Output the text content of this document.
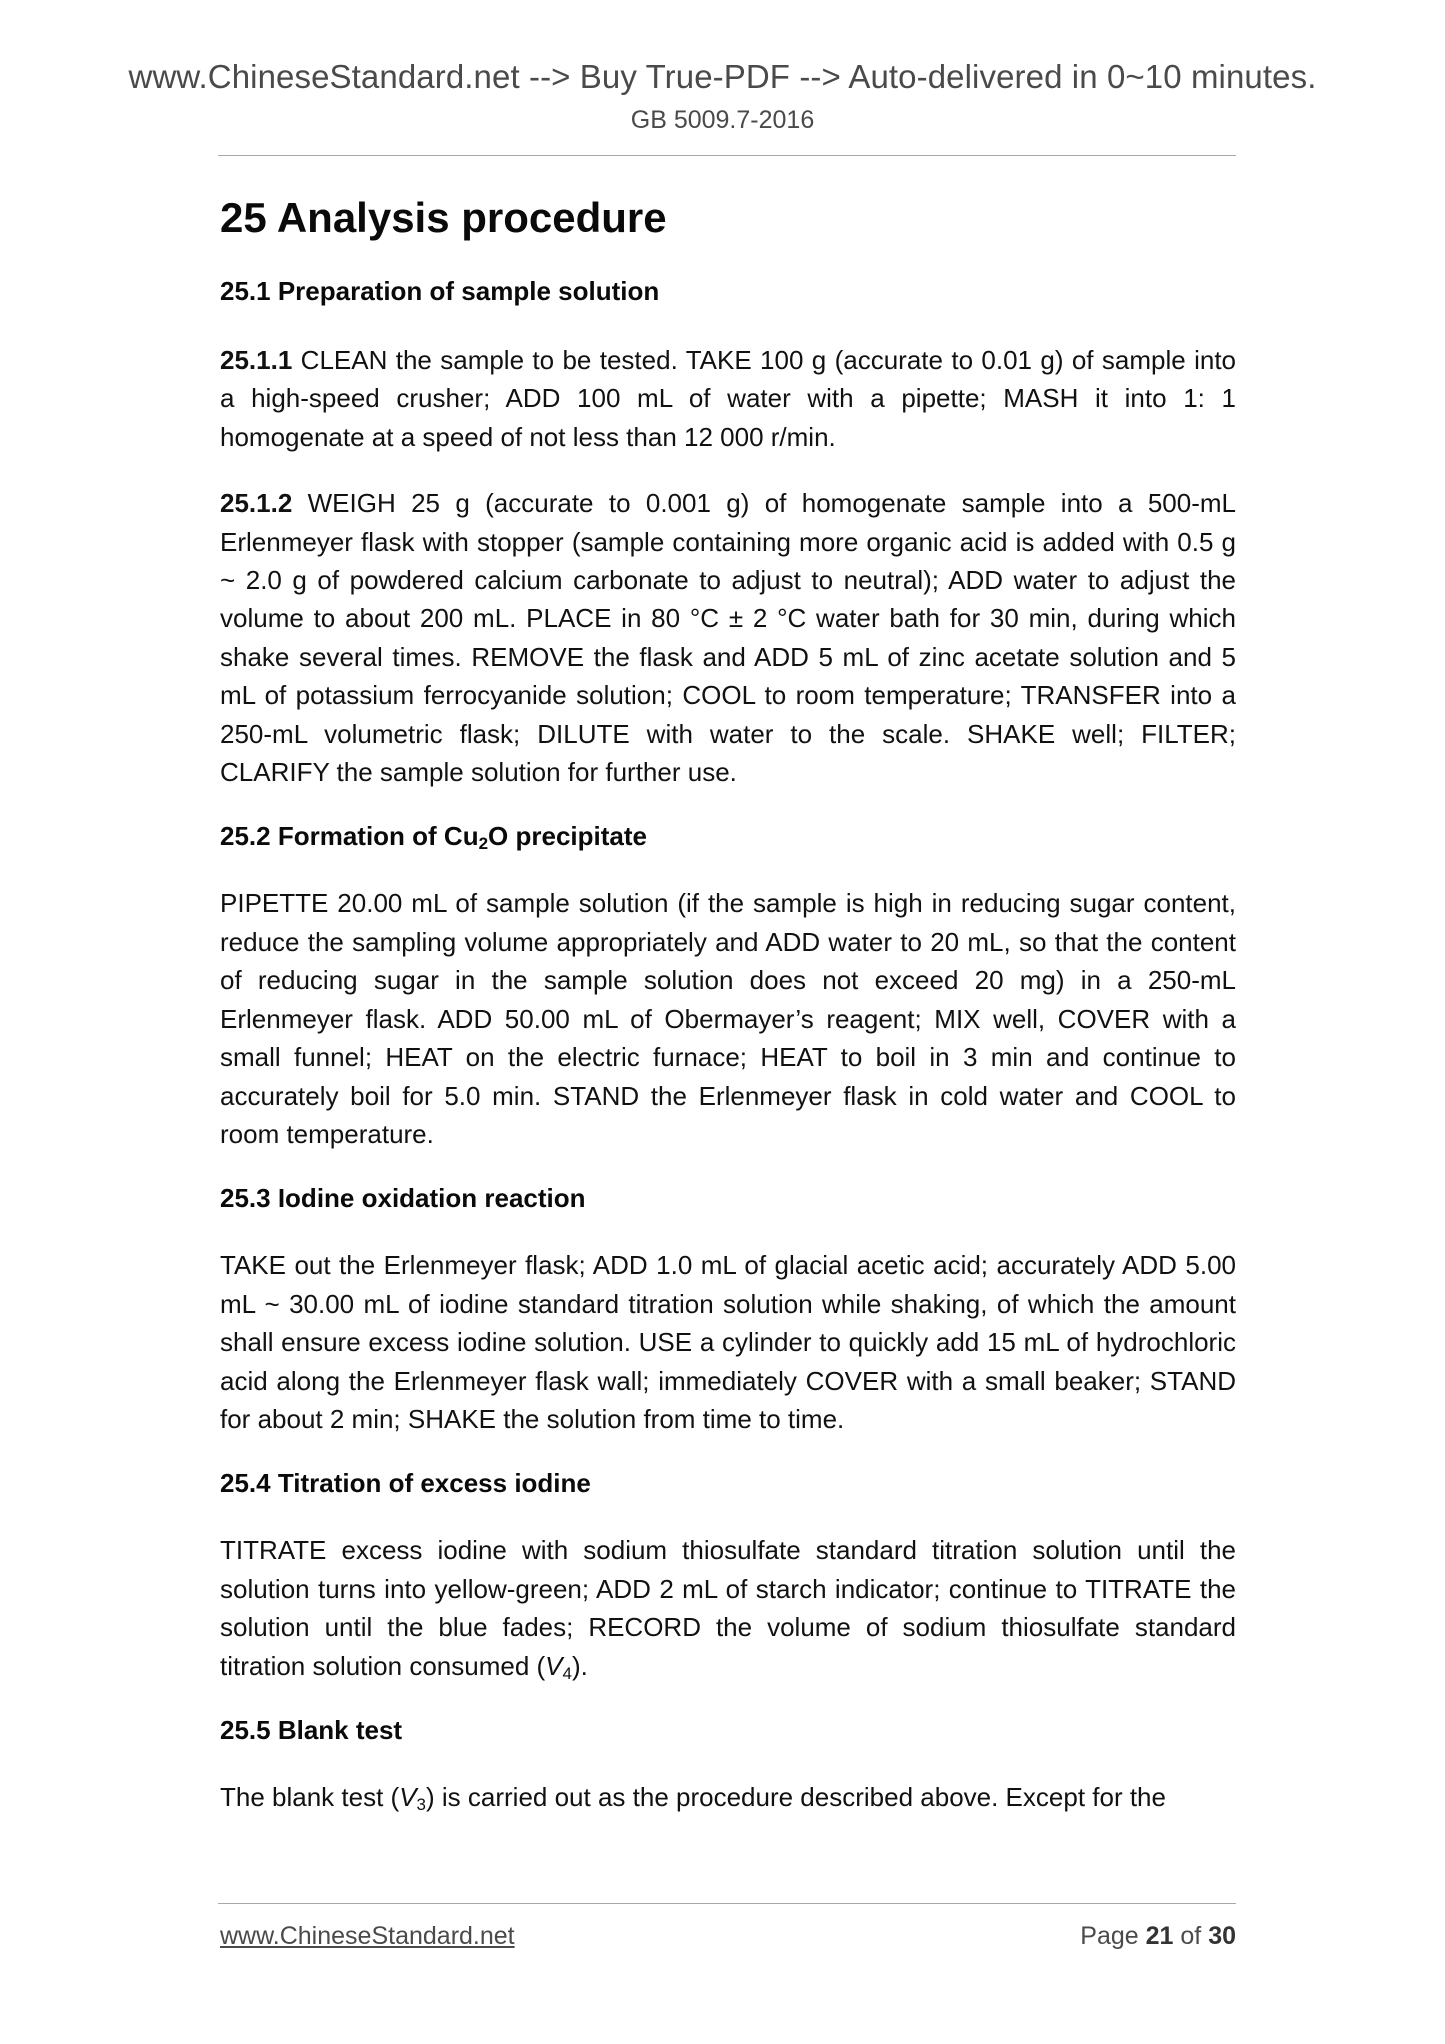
www.ChineseStandard.net --> Buy True-PDF --> Auto-delivered in 0~10 minutes.
GB 5009.7-2016
25 Analysis procedure
25.1 Preparation of sample solution

25.1.1 CLEAN the sample to be tested. TAKE 100 g (accurate to 0.01 g) of sample into a high-speed crusher; ADD 100 mL of water with a pipette; MASH it into 1: 1 homogenate at a speed of not less than 12 000 r/min.

25.1.2 WEIGH 25 g (accurate to 0.001 g) of homogenate sample into a 500-mL Erlenmeyer flask with stopper (sample containing more organic acid is added with 0.5 g ~ 2.0 g of powdered calcium carbonate to adjust to neutral); ADD water to adjust the volume to about 200 mL. PLACE in 80 °C ± 2 °C water bath for 30 min, during which shake several times. REMOVE the flask and ADD 5 mL of zinc acetate solution and 5 mL of potassium ferrocyanide solution; COOL to room temperature; TRANSFER into a 250-mL volumetric flask; DILUTE with water to the scale. SHAKE well; FILTER; CLARIFY the sample solution for further use.

25.2 Formation of $Cu_2O$ precipitate

PIPETTE 20.00 mL of sample solution (if the sample is high in reducing sugar content, reduce the sampling volume appropriately and ADD water to 20 mL, so that the content of reducing sugar in the sample solution does not exceed 20 mg) in a 250-mL Erlenmeyer flask. ADD 50.00 mL of Obermayer’s reagent; MIX well, COVER with a small funnel; HEAT on the electric furnace; HEAT to boil in 3 min and continue to accurately boil for 5.0 min. STAND the Erlenmeyer flask in cold water and COOL to room temperature.

25.3 Iodine oxidation reaction

TAKE out the Erlenmeyer flask; ADD 1.0 mL of glacial acetic acid; accurately ADD 5.00 mL ~ 30.00 mL of iodine standard titration solution while shaking, of which the amount shall ensure excess iodine solution. USE a cylinder to quickly add 15 mL of hydrochloric acid along the Erlenmeyer flask wall; immediately COVER with a small beaker; STAND for about 2 min; SHAKE the solution from time to time.

25.4 Titration of excess iodine

TITRATE excess iodine with sodium thiosulfate standard titration solution until the solution turns into yellow-green; ADD 2 mL of starch indicator; continue to TITRATE the solution until the blue fades; RECORD the volume of sodium thiosulfate standard titration solution consumed $(V_4)$.

25.5 Blank test

The blank test $(V_3)$ is carried out as the procedure described above. Except for the

www.ChineseStandard.net	Page 21 of 30
